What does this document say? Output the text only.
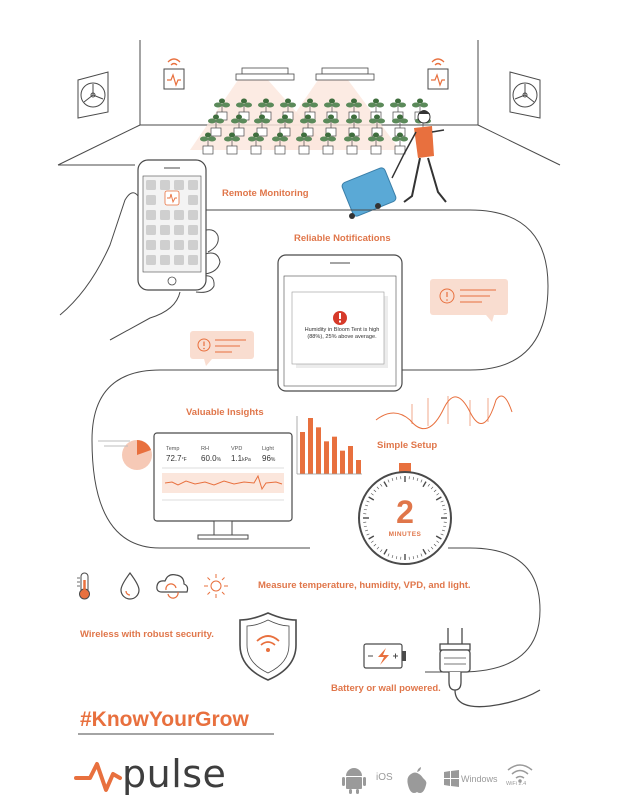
Remote Monitoring
Reliable Notifications
Valuable Insights
Simple Setup
Measure temperature, humidity, VPD, and light.
Wireless with robust security.
Battery or wall powered.
Humidity in Bloom Tent is high (88%), 25% above average.
Temp
72.7°F
RH
60.0%
VPD
1.1kPa
Light
96%
2
MINUTES
#KnowYourGrow
pulse	iOS	Windows WiFi 2.4
